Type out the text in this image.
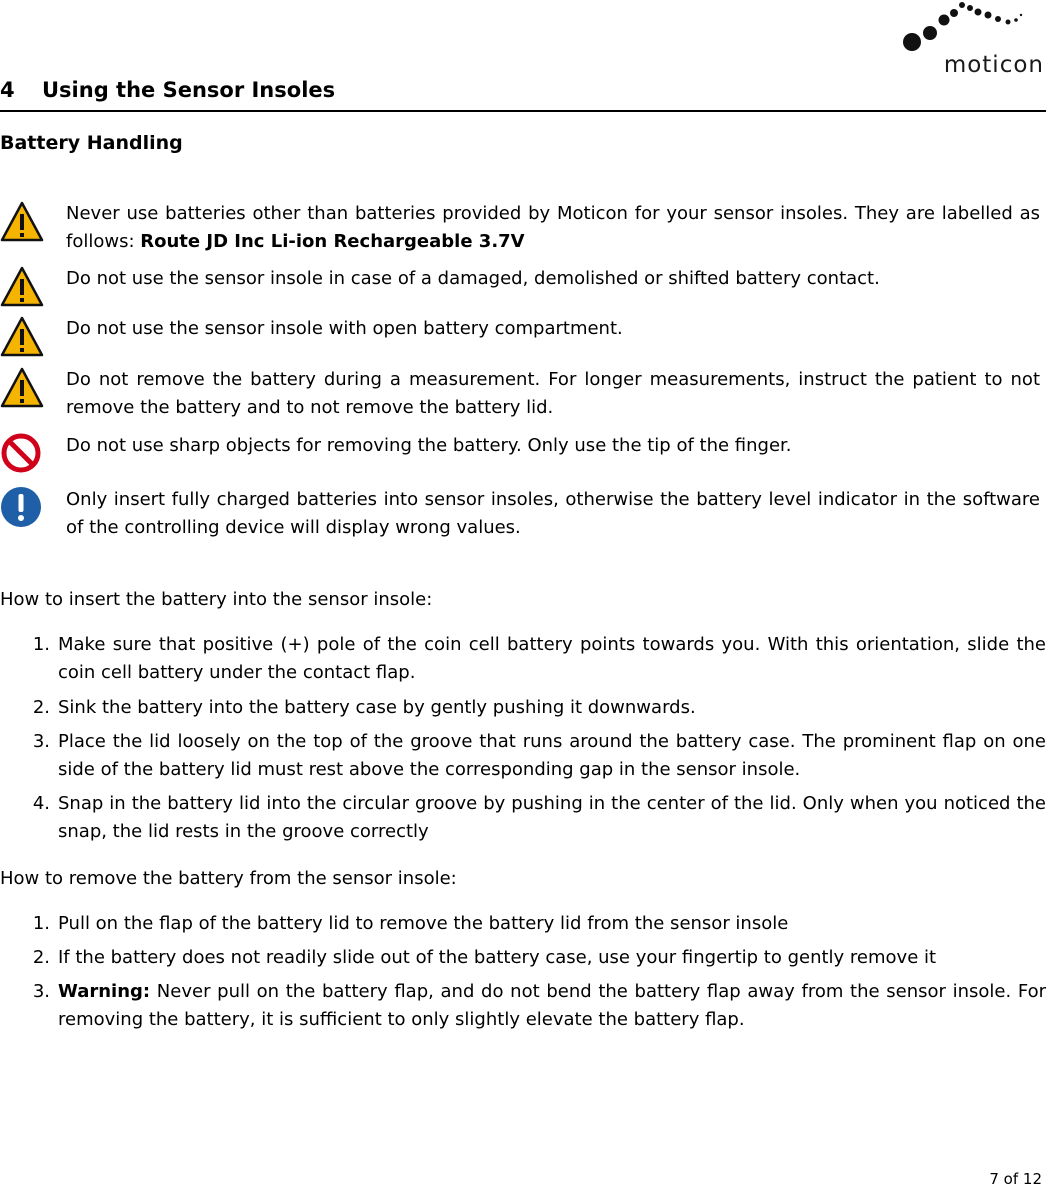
moticon
4 Using the Sensor Insoles
Battery Handling
Never use batteries other than batteries provided by Moticon for your sensor insoles. They are labelled as follows: Route JD Inc Li-ion Rechargeable 3.7V
Do not use the sensor insole in case of a damaged, demolished or shifted battery contact.
Do not use the sensor insole with open battery compartment.
Do not remove the battery during a measurement. For longer measurements, instruct the patient to not remove the battery and to not remove the battery lid.
Do not use sharp objects for removing the battery. Only use the tip of the finger.
Only insert fully charged batteries into sensor insoles, otherwise the battery level indicator in the software of the controlling device will display wrong values.
How to insert the battery into the sensor insole:
1. Make sure that positive (+) pole of the coin cell battery points towards you. With this orientation, slide the coin cell battery under the contact flap.
2. Sink the battery into the battery case by gently pushing it downwards.
3. Place the lid loosely on the top of the groove that runs around the battery case. The prominent flap on one side of the battery lid must rest above the corresponding gap in the sensor insole.
4. Snap in the battery lid into the circular groove by pushing in the center of the lid. Only when you noticed the snap, the lid rests in the groove correctly
How to remove the battery from the sensor insole:
1. Pull on the flap of the battery lid to remove the battery lid from the sensor insole
2. If the battery does not readily slide out of the battery case, use your fingertip to gently remove it
3. Warning: Never pull on the battery flap, and do not bend the battery flap away from the sensor insole. For removing the battery, it is sufficient to only slightly elevate the battery flap.
7 of 12
